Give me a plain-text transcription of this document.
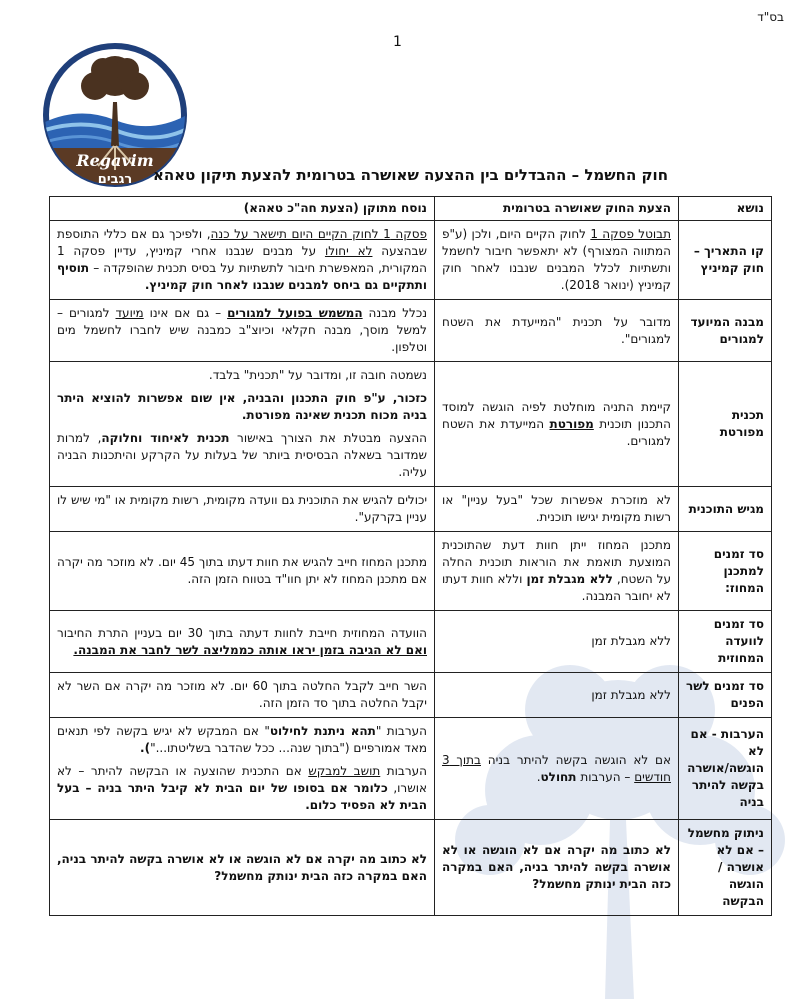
בס"ד
1
Regavim
רגבים	חוק החשמל – ההבדלים בין ההצעה שאושרה בטרומית להצעת תיקון טאהא
נושא	הצעת החוק שאושרה בטרומית	נוסח מתוקן (הצעת חה"כ טאהא)
קו התאריך – חוק קמיניץ	תבוטל פסקה 1 לחוק הקיים היום, ולכן (ע"פ המתווה המצורף) לא יתאפשר חיבור לחשמל ותשתיות לכלל המבנים שנבנו לאחר חוק קמיניץ (ינואר 2018).	פסקה 1 לחוק הקיים היום תישאר על כנה, ולפיכך גם אם כללי התוספת שבהצעה לא יחולו על מבנים שנבנו אחרי קמיניץ, עדיין פסקה 1 המקורית, המאפשרת חיבור לתשתיות על בסיס תכנית שהופקדה – תוסיף ותתקיים גם ביחס למבנים שנבנו לאחר חוק קמיניץ.

מבנה המיועד למגורים	מדובר על תכנית "המייעדת את השטח למגורים".	נכלל מבנה המשמש בפועל למגורים – גם אם אינו מיועד למגורים – למשל מוסך, מבנה חקלאי וכיוצ"ב כמבנה שיש לחברו לחשמל מים וטלפון.

תכנית מפורטת	קיימת התניה מוחלטת לפיה הוגשה למוסד התכנון תוכנית מפורטת המייעדת את השטח למגורים.	נשמטה חובה זו, ומדובר על "תכנית" בלבד.

כזכור, ע"פ חוק התכנון והבניה, אין שום אפשרות להוציא היתר בניה מכוח תכנית שאינה מפורטת.

ההצעה מבטלת את הצורך באישור תכנית לאיחוד וחלוקה, למרות שמדובר בשאלה הבסיסית ביותר של בעלות על הקרקע והיתכנות הבניה עליה.

מגיש התוכנית	לא מוזכרת אפשרות שכל "בעל עניין" או רשות מקומית יגישו תוכנית.	יכולים להגיש את התוכנית גם וועדה מקומית, רשות מקומית או "מי שיש לו עניין בקרקע".

סד זמנים למתכנן המחוז:	מתכנן המחוז ייתן חוות דעת שהתוכנית המוצעת תואמת את הוראות תוכנית החלה על השטח, ללא מגבלת זמן וללא חוות דעתו לא יחובר המבנה.	מתכנן המחוז חייב להגיש את חוות דעתו בתוך 45 יום. לא מוזכר מה יקרה אם מתכנן המחוז לא יתן חוו"ד בטווח הזמן הזה.

סד זמנים לוועדה המחוזית	ללא מגבלת זמן	הוועדה המחוזית חייבת לחוות דעתה בתוך 30 יום בעניין התרת החיבור ואם לא הגיבה בזמן יראו אותה כממליצה לשר לחבר את המבנה.

סד זמנים לשר הפנים	ללא מגבלת זמן	השר חייב לקבל החלטה בתוך 60 יום. לא מוזכר מה יקרה אם השר לא יקבל החלטה בתוך סד הזמן הזה.

הערבות - אם לא הוגשה/אושרה בקשה להיתר בניה	אם לא הוגשה בקשה להיתר בניה בתוך 3 חודשים – הערבות תחולט.	הערבות "תהא ניתנת לחילוט" אם המבקש לא יגיש בקשה לפי תנאים מאד אמורפיים ("בתוך שנה... ככל שהדבר בשליטתו...").

הערבות תושב למבקש אם התכנית שהוצעה או הבקשה להיתר – לא אושרו, כלומר אם בסופו של יום הבית לא קיבל היתר בניה – בעל הבית לא הפסיד כלום.

ניתוק מחשמל – אם לא אושרה / הוגשה הבקשה	לא כתוב מה יקרה אם לא הוגשה או לא אושרה בקשה להיתר בניה, האם במקרה כזה הבית ינותק מחשמל?	לא כתוב מה יקרה אם לא הוגשה או לא אושרה בקשה להיתר בניה, האם במקרה כזה הבית ינותק מחשמל?
